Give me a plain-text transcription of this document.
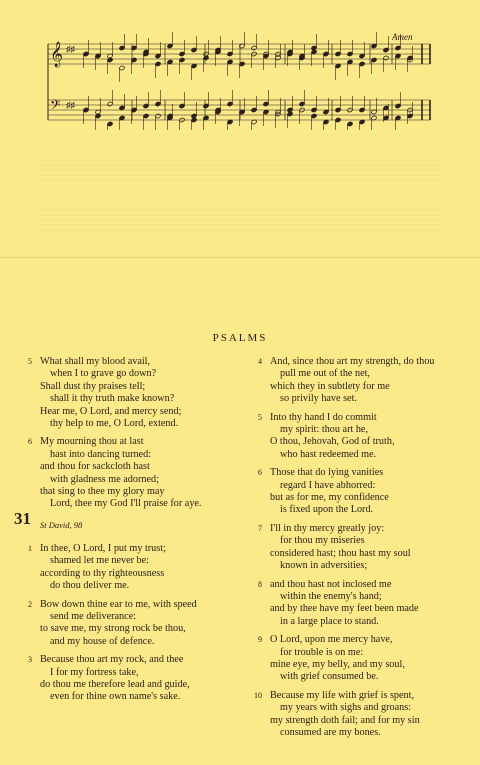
𝄞 ♯♯
𝄢 ♯♯
Amen
PSALMS
5 What shall my blood avail,
when I to grave go down?
Shall dust thy praises tell;
shall it thy truth make known?
Hear me, O Lord, and mercy send;
thy help to me, O Lord, extend.
6 My mourning thou at last
hast into dancing turned:
and thou for sackcloth hast
with gladness me adorned;
that sing to thee my glory may
Lord, thee my God I'll praise for aye.
31 St David, 98
1 In thee, O Lord, I put my trust;
shamed let me never be:
according to thy righteousness
do thou deliver me.
2 Bow down thine ear to me, with speed
send me deliverance:
to save me, my strong rock be thou,
and my house of defence.
3 Because thou art my rock, and thee
I for my fortress take,
do thou me therefore lead and guide,
even for thine own name's sake.
4 And, since thou art my strength, do thou
pull me out of the net,
which they in subtlety for me
so privily have set.
5 Into thy hand I do commit
my spirit: thou art he,
O thou, Jehovah, God of truth,
who hast redeemed me.
6 Those that do lying vanities
regard I have abhorred:
but as for me, my confidence
is fixed upon the Lord.
7 I'll in thy mercy greatly joy:
for thou my miseries
considered hast; thou hast my soul
known in adversities;
8 and thou hast not inclosed me
within the enemy's hand;
and by thee have my feet been made
in a large place to stand.
9 O Lord, upon me mercy have,
for trouble is on me:
mine eye, my belly, and my soul,
with grief consumed be.
10 Because my life with grief is spent,
my years with sighs and groans:
my strength doth fail; and for my sin
consumed are my bones.
